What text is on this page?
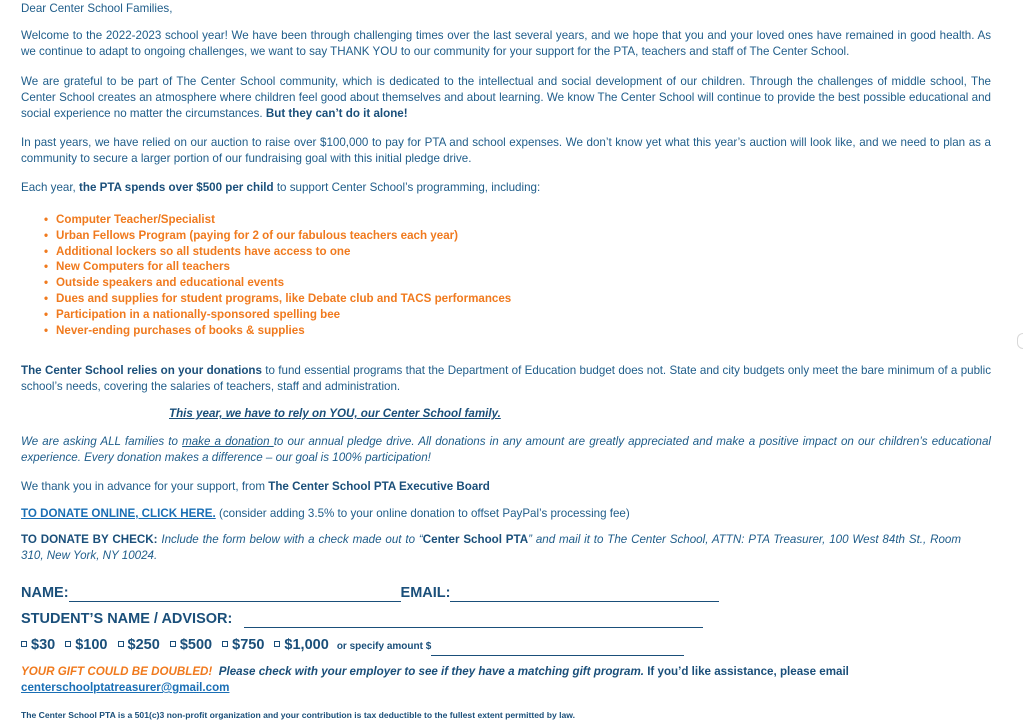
Dear Center School Families,
Welcome to the 2022-2023 school year! We have been through challenging times over the last several years, and we hope that you and your loved ones have remained in good health. As we continue to adapt to ongoing challenges, we want to say THANK YOU to our community for your support for the PTA, teachers and staff of The Center School.
We are grateful to be part of The Center School community, which is dedicated to the intellectual and social development of our children. Through the challenges of middle school, The Center School creates an atmosphere where children feel good about themselves and about learning. We know The Center School will continue to provide the best possible educational and social experience no matter the circumstances. But they can’t do it alone!
In past years, we have relied on our auction to raise over $100,000 to pay for PTA and school expenses. We don’t know yet what this year’s auction will look like, and we need to plan as a community to secure a larger portion of our fundraising goal with this initial pledge drive.
Each year, the PTA spends over $500 per child to support Center School’s programming, including:
• Computer Teacher/Specialist
• Urban Fellows Program (paying for 2 of our fabulous teachers each year)
• Additional lockers so all students have access to one
• New Computers for all teachers
• Outside speakers and educational events
• Dues and supplies for student programs, like Debate club and TACS performances
• Participation in a nationally-sponsored spelling bee
• Never-ending purchases of books & supplies
The Center School relies on your donations to fund essential programs that the Department of Education budget does not. State and city budgets only meet the bare minimum of a public school’s needs, covering the salaries of teachers, staff and administration.
This year, we have to rely on YOU, our Center School family.
We are asking ALL families to make a donation to our annual pledge drive. All donations in any amount are greatly appreciated and make a positive impact on our children’s educational experience. Every donation makes a difference – our goal is 100% participation!
We thank you in advance for your support, from The Center School PTA Executive Board
TO DONATE ONLINE, CLICK HERE. (consider adding 3.5% to your online donation to offset PayPal’s processing fee)
TO DONATE BY CHECK: Include the form below with a check made out to “Center School PTA” and mail it to The Center School, ATTN: PTA Treasurer, 100 West 84th St., Room 310, New York, NY 10024.
NAME:	EMAIL:
STUDENT’S NAME / ADVISOR:
$30 $100 $250 $500 $750 $1,000 or specify amount $
YOUR GIFT COULD BE DOUBLED! Please check with your employer to see if they have a matching gift program. If you’d like assistance, please email
centerschoolptatreasurer@gmail.com
The Center School PTA is a 501(c)3 non-profit organization and your contribution is tax deductible to the fullest extent permitted by law.
